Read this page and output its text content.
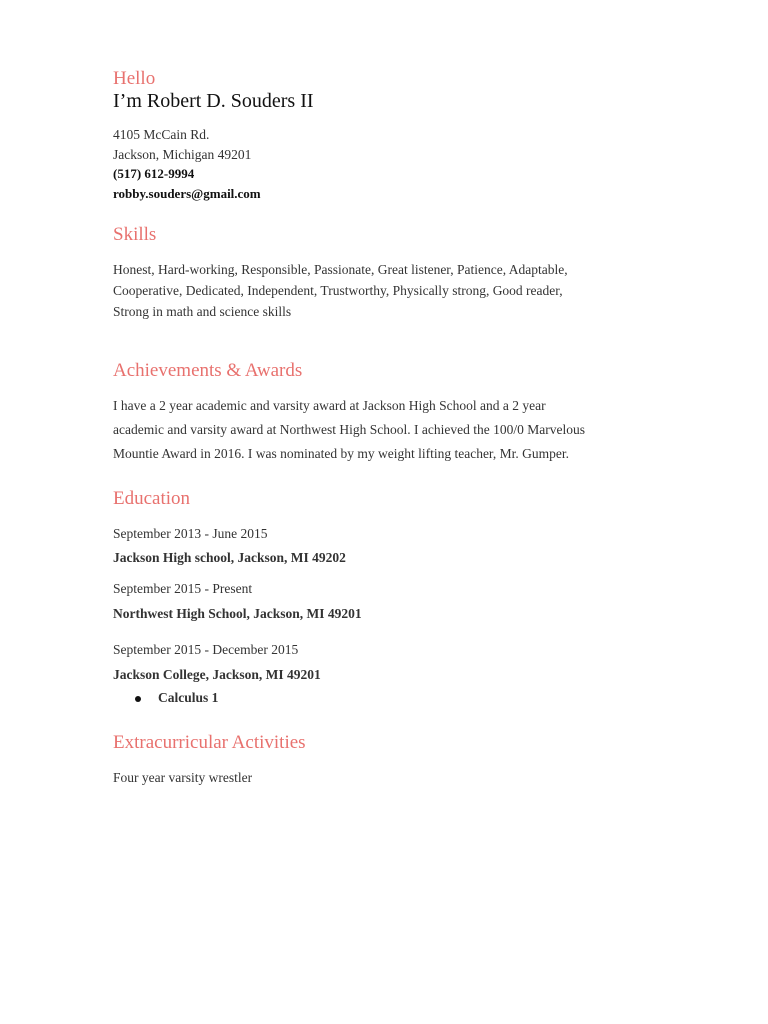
Hello
I’m Robert D. Souders II
4105 McCain Rd.
Jackson, Michigan 49201
(517) 612-9994
robby.souders@gmail.com
Skills
Honest, Hard-working, Responsible, Passionate, Great listener, Patience, Adaptable,
Cooperative, Dedicated, Independent, Trustworthy, Physically strong, Good reader,
Strong in math and science skills
Achievements & Awards
I have a 2 year academic and varsity award at Jackson High School and a 2 year
academic and varsity award at Northwest High School. I achieved the 100/0 Marvelous
Mountie Award in 2016. I was nominated by my weight lifting teacher, Mr. Gumper.
Education
September 2013 - June 2015
Jackson High school, Jackson, MI 49202
September 2015 - Present
Northwest High School, Jackson, MI 49201
September 2015 - December 2015
Jackson College, Jackson, MI 49201
Calculus 1
Extracurricular Activities
Four year varsity wrestler
